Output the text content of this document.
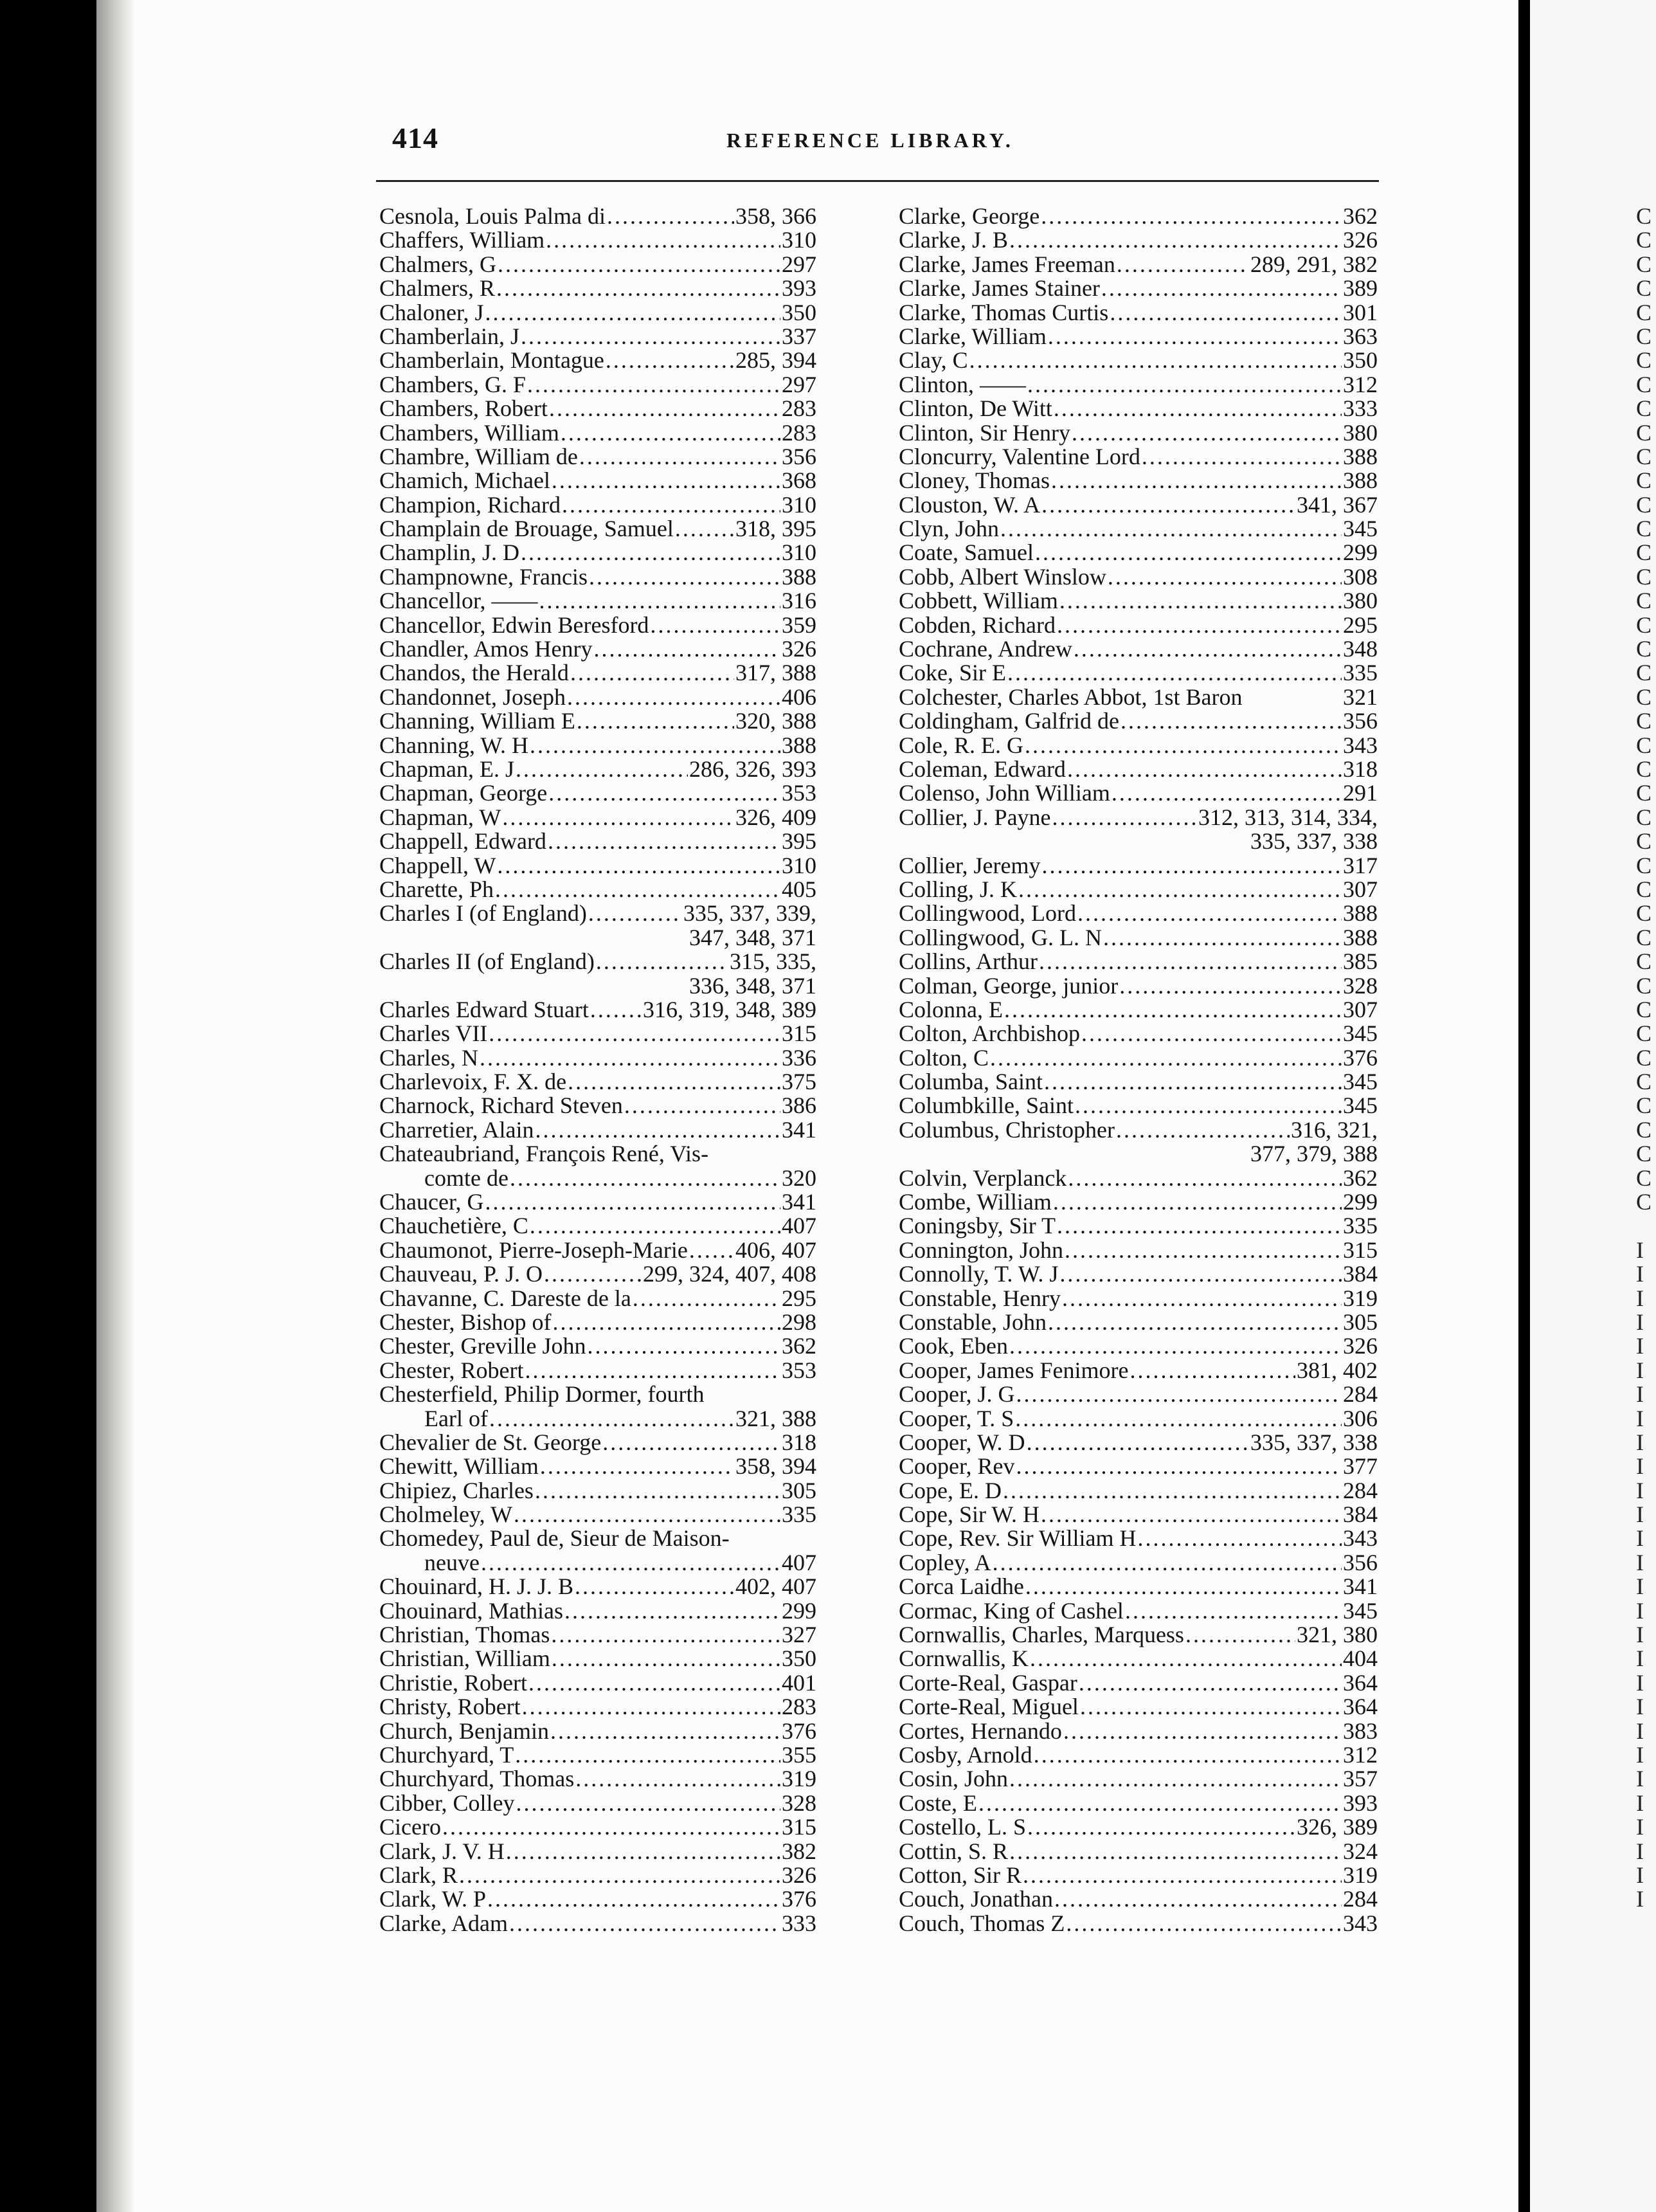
414	REFERENCE LIBRARY.
Cesnola, Louis Palma di .....	358, 366
Chaffers, William .....	310
Chalmers, G .....	297
Chalmers, R .....	393
Chaloner, J .....	350
Chamberlain, J .....	337
Chamberlain, Montague .....	285, 394
Chambers, G. F .....	297
Chambers, Robert .....	283
Chambers, William .....	283
Chambre, William de .....	356
Chamich, Michael .....	368
Champion, Richard .....	310
Champlain de Brouage, Samuel .....	318, 395
Champlin, J. D .....	310
Champnowne, Francis .....	388
Chancellor, —— .....	316
Chancellor, Edwin Beresford .....	359
Chandler, Amos Henry .....	326
Chandos, the Herald .....	317, 388
Chandonnet, Joseph .....	406
Channing, William E .....	320, 388
Channing, W. H .....	388
Chapman, E. J .....	286, 326, 393
Chapman, George .....	353
Chapman, W .....	326, 409
Chappell, Edward .....	395
Chappell, W .....	310
Charette, Ph .....	405
Charles I (of England) .....	335, 337, 339,
347, 348, 371
Charles II (of England) .....	315, 335,
336, 348, 371
Charles Edward Stuart ..... 316, 319, 348, 389
Charles VII .....	315
Charles, N .....	336
Charlevoix, F. X. de .....	375
Charnock, Richard Steven .....	386
Charretier, Alain .....	341
Chateaubriand, François René, Vis-
comte de .....	320
Chaucer, G .....	341
Chauchetière, C .....	407
Chaumonot, Pierre-Joseph-Marie ..... 406, 407
Chauveau, P. J. O .....	299, 324, 407, 408
Chavanne, C. Dareste de la .....	295
Chester, Bishop of .....	298
Chester, Greville John .....	362
Chester, Robert .....	353
Chesterfield, Philip Dormer, fourth
Earl of .....	321, 388
Chevalier de St. George .....	318
Chewitt, William .....	358, 394
Chipiez, Charles .....	305
Cholmeley, W .....	335
Chomedey, Paul de, Sieur de Maison-
neuve .....	407
Chouinard, H. J. J. B .....	402, 407
Chouinard, Mathias .....	299
Christian, Thomas .....	327
Christian, William .....	350
Christie, Robert .....	401
Christy, Robert .....	283
Church, Benjamin .....	376
Churchyard, T .....	355
Churchyard, Thomas .....	319
Cibber, Colley .....	328
Cicero .....	315
Clark, J. V. H .....	382
Clark, R .....	326
Clark, W. P .....	376
Clarke, Adam .....	333
Clarke, George .....	362
Clarke, J. B .....	326
Clarke, James Freeman .....	289, 291, 382
Clarke, James Stainer .....	389
Clarke, Thomas Curtis .....	301
Clarke, William .....	363
Clay, C .....	350
Clinton, —— .....	312
Clinton, De Witt .....	333
Clinton, Sir Henry .....	380
Cloncurry, Valentine Lord .....	388
Cloney, Thomas .....	388
Clouston, W. A .....	341, 367
Clyn, John .....	345
Coate, Samuel .....	299
Cobb, Albert Winslow .....	308
Cobbett, William .....	380
Cobden, Richard .....	295
Cochrane, Andrew .....	348
Coke, Sir E .....	335
Colchester, Charles Abbot, 1st Baron	321
Coldingham, Galfrid de .....	356
Cole, R. E. G .....	343
Coleman, Edward .....	318
Colenso, John William .....	291
Collier, J. Payne .....	312, 313, 314, 334,
335, 337, 338
Collier, Jeremy .....	317
Colling, J. K .....	307
Collingwood, Lord .....	388
Collingwood, G. L. N .....	388
Collins, Arthur .....	385
Colman, George, junior .....	328
Colonna, E .....	307
Colton, Archbishop .....	345
Colton, C .....	376
Columba, Saint .....	345
Columbkille, Saint .....	345
Columbus, Christopher .....	316, 321,
377, 379, 388
Colvin, Verplanck .....	362
Combe, William .....	299
Coningsby, Sir T .....	335
Connington, John .....	315
Connolly, T. W. J .....	384
Constable, Henry .....	319
Constable, John .....	305
Cook, Eben .....	326
Cooper, James Fenimore .....	381, 402
Cooper, J. G .....	284
Cooper, T. S .....	306
Cooper, W. D .....	335, 337, 338
Cooper, Rev .....	377
Cope, E. D .....	284
Cope, Sir W. H .....	384
Cope, Rev. Sir William H .....	343
Copley, A .....	356
Corca Laidhe .....	341
Cormac, King of Cashel .....	345
Cornwallis, Charles, Marquess .....	321, 380
Cornwallis, K .....	404
Corte-Real, Gaspar .....	364
Corte-Real, Miguel .....	364
Cortes, Hernando .....	383
Cosby, Arnold .....	312
Cosin, John .....	357
Coste, E .....	393
Costello, L. S .....	326, 389
Cottin, S. R .....	324
Cotton, Sir R .....	319
Couch, Jonathan .....	284
Couch, Thomas Z .....	343
C
C
C
C
C
C
C
C
C
C
C
C
C
C
C
C
C
C
C
C
C
C
C
C
C
C
C
C
C
C
C
C
C
C
C
C
C
C
C
C
C
C
I
I
I
I
I
I
I
I
I
I
I
I
I
I
I
I
I
I
I
I
I
I
I
I
I
I
I
I
